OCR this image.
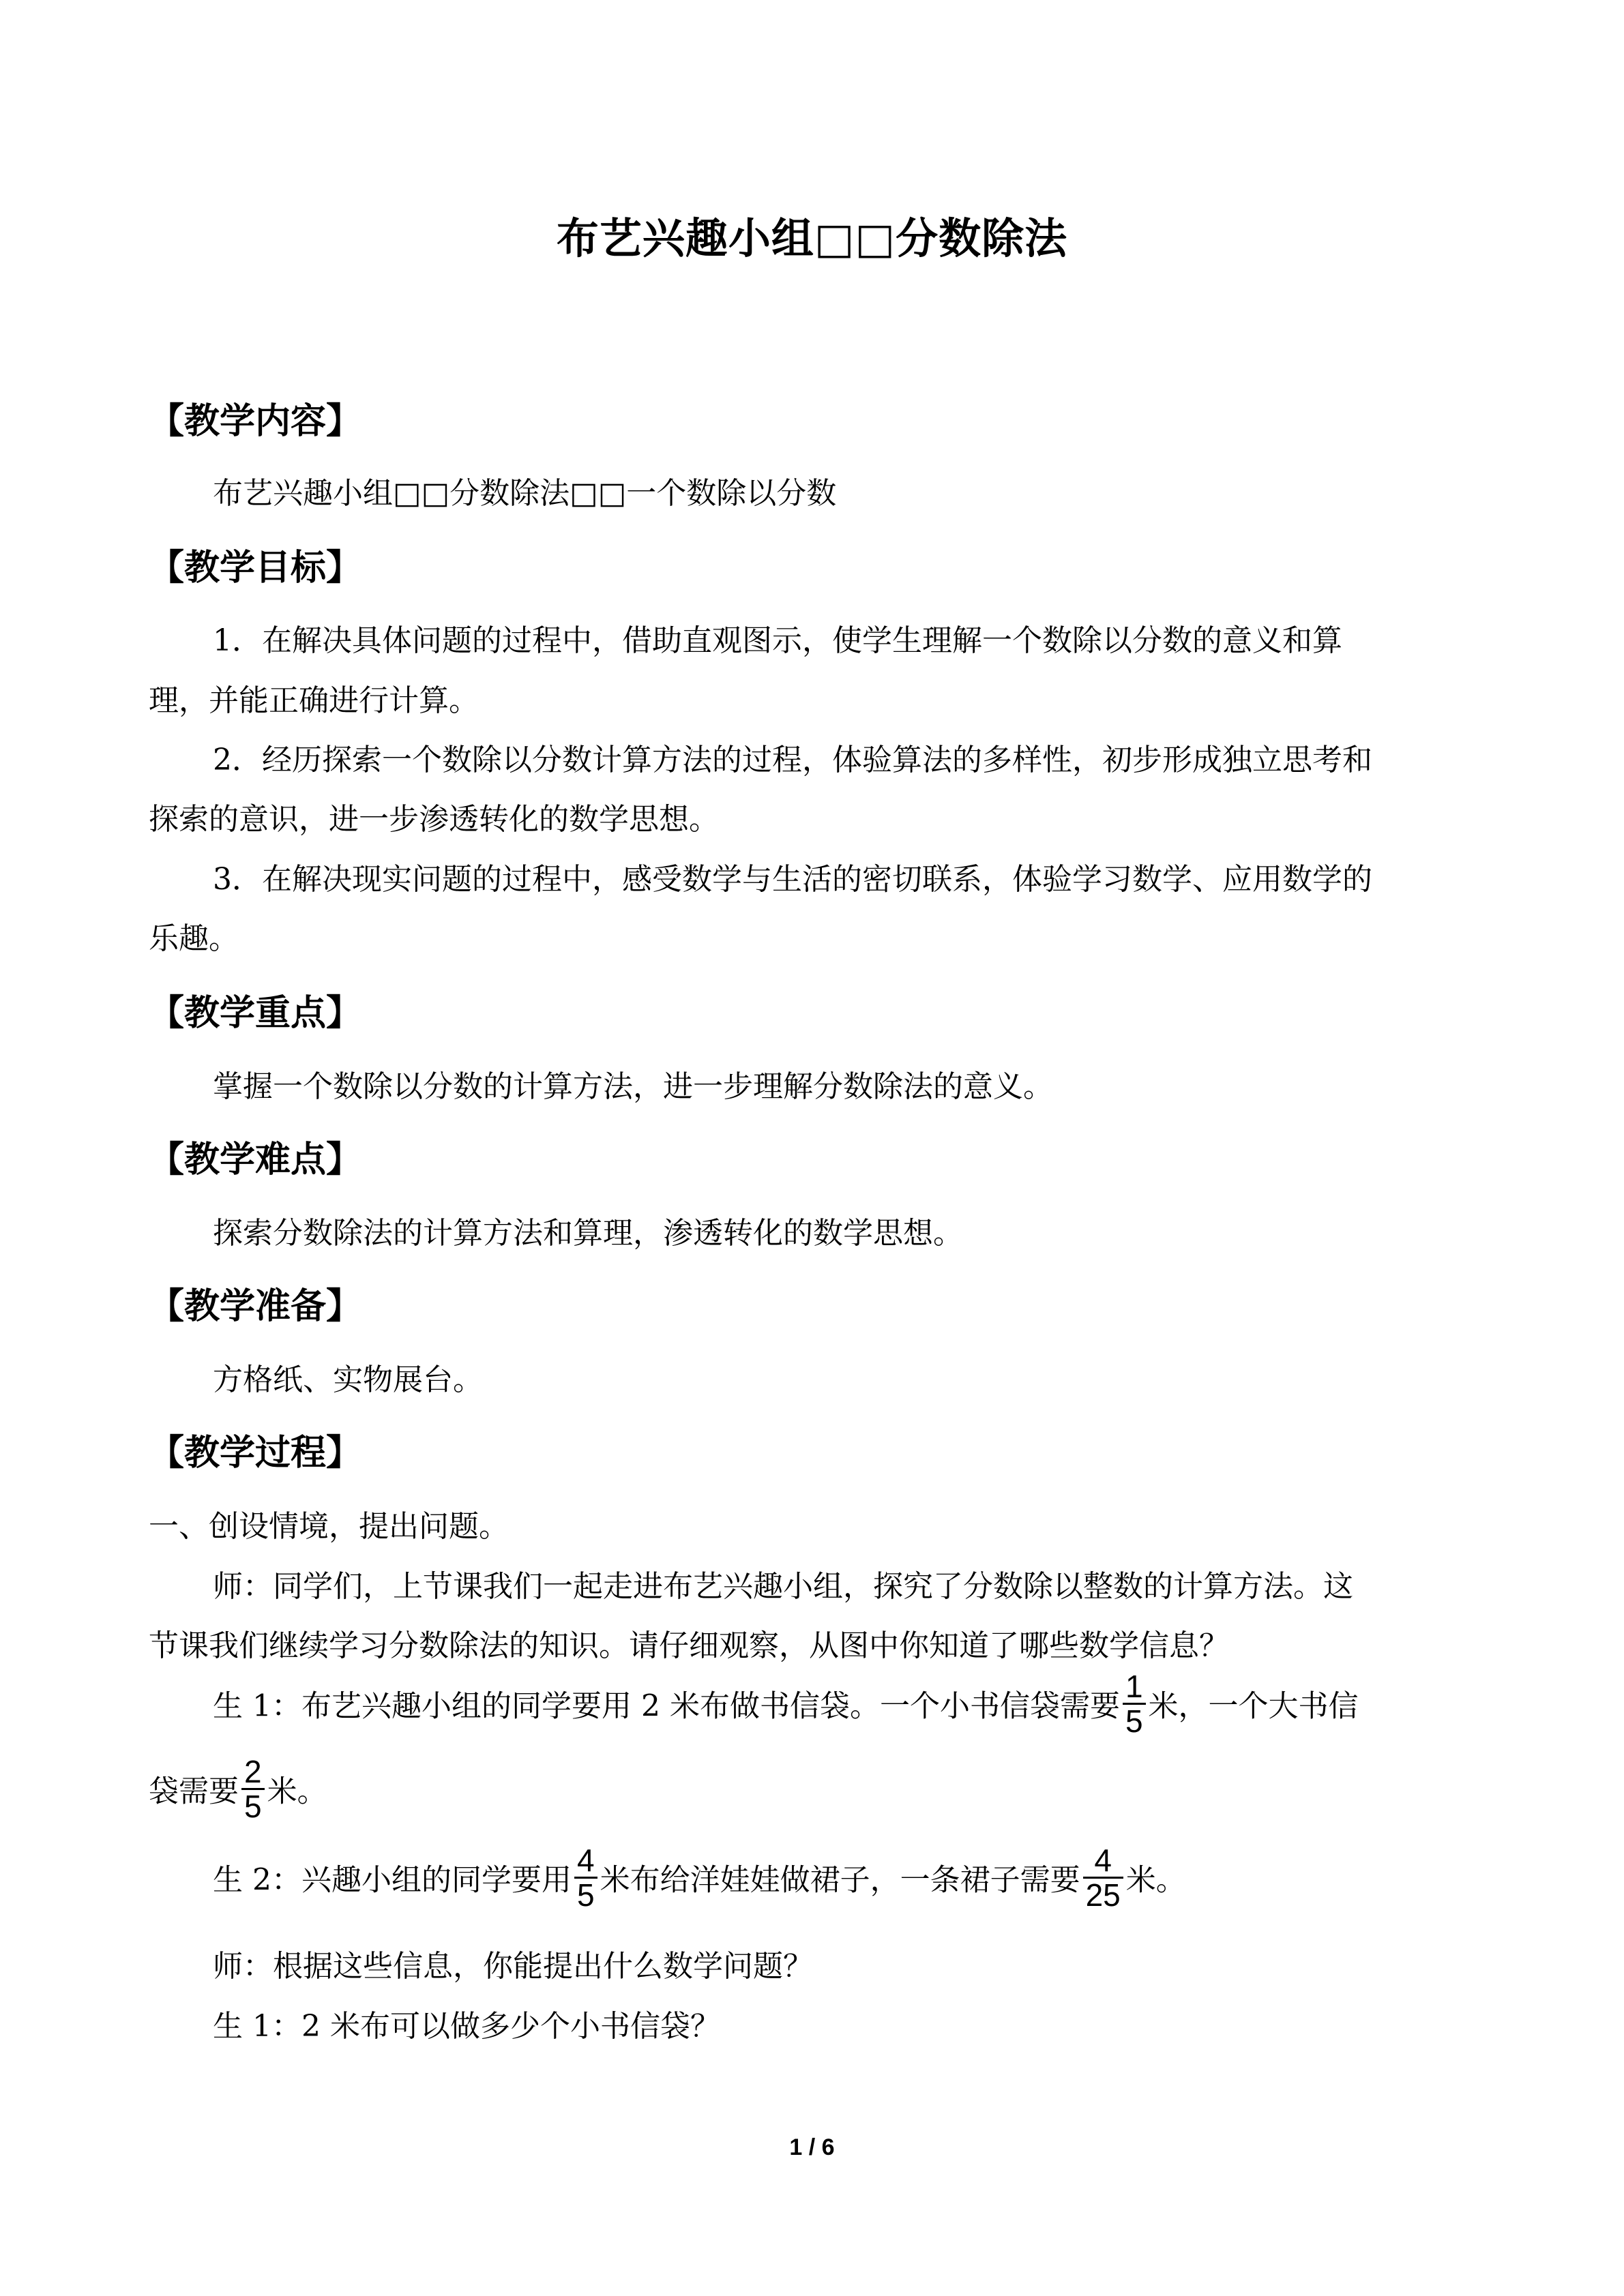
布艺兴趣小组□□分数除法
【教学内容】
布艺兴趣小组□□分数除法□□一个数除以分数
【教学目标】
1．在解决具体问题的过程中，借助直观图示，使学生理解一个数除以分数的意义和算
理，并能正确进行计算。
2．经历探索一个数除以分数计算方法的过程，体验算法的多样性，初步形成独立思考和
探索的意识，进一步渗透转化的数学思想。
3．在解决现实问题的过程中，感受数学与生活的密切联系，体验学习数学、应用数学的
乐趣。
【教学重点】
掌握一个数除以分数的计算方法，进一步理解分数除法的意义。
【教学难点】
探索分数除法的计算方法和算理，渗透转化的数学思想。
【教学准备】
方格纸、实物展台。
【教学过程】
一、创设情境，提出问题。
师：同学们，上节课我们一起走进布艺兴趣小组，探究了分数除以整数的计算方法。这
节课我们继续学习分数除法的知识。请仔细观察，从图中你知道了哪些数学信息？
生 1：布艺兴趣小组的同学要用 2 米布做书信袋。一个小书信袋需要 $\frac{1}{5}$ 米，一个大书信
袋需要 $\frac{2}{5}$ 米。
生 2：兴趣小组的同学要用 $\frac{4}{5}$ 米布给洋娃娃做裙子，一条裙子需要 $\frac{4}{25}$ 米。
师：根据这些信息，你能提出什么数学问题？
生 1：2 米布可以做多少个小书信袋？
1 / 6
